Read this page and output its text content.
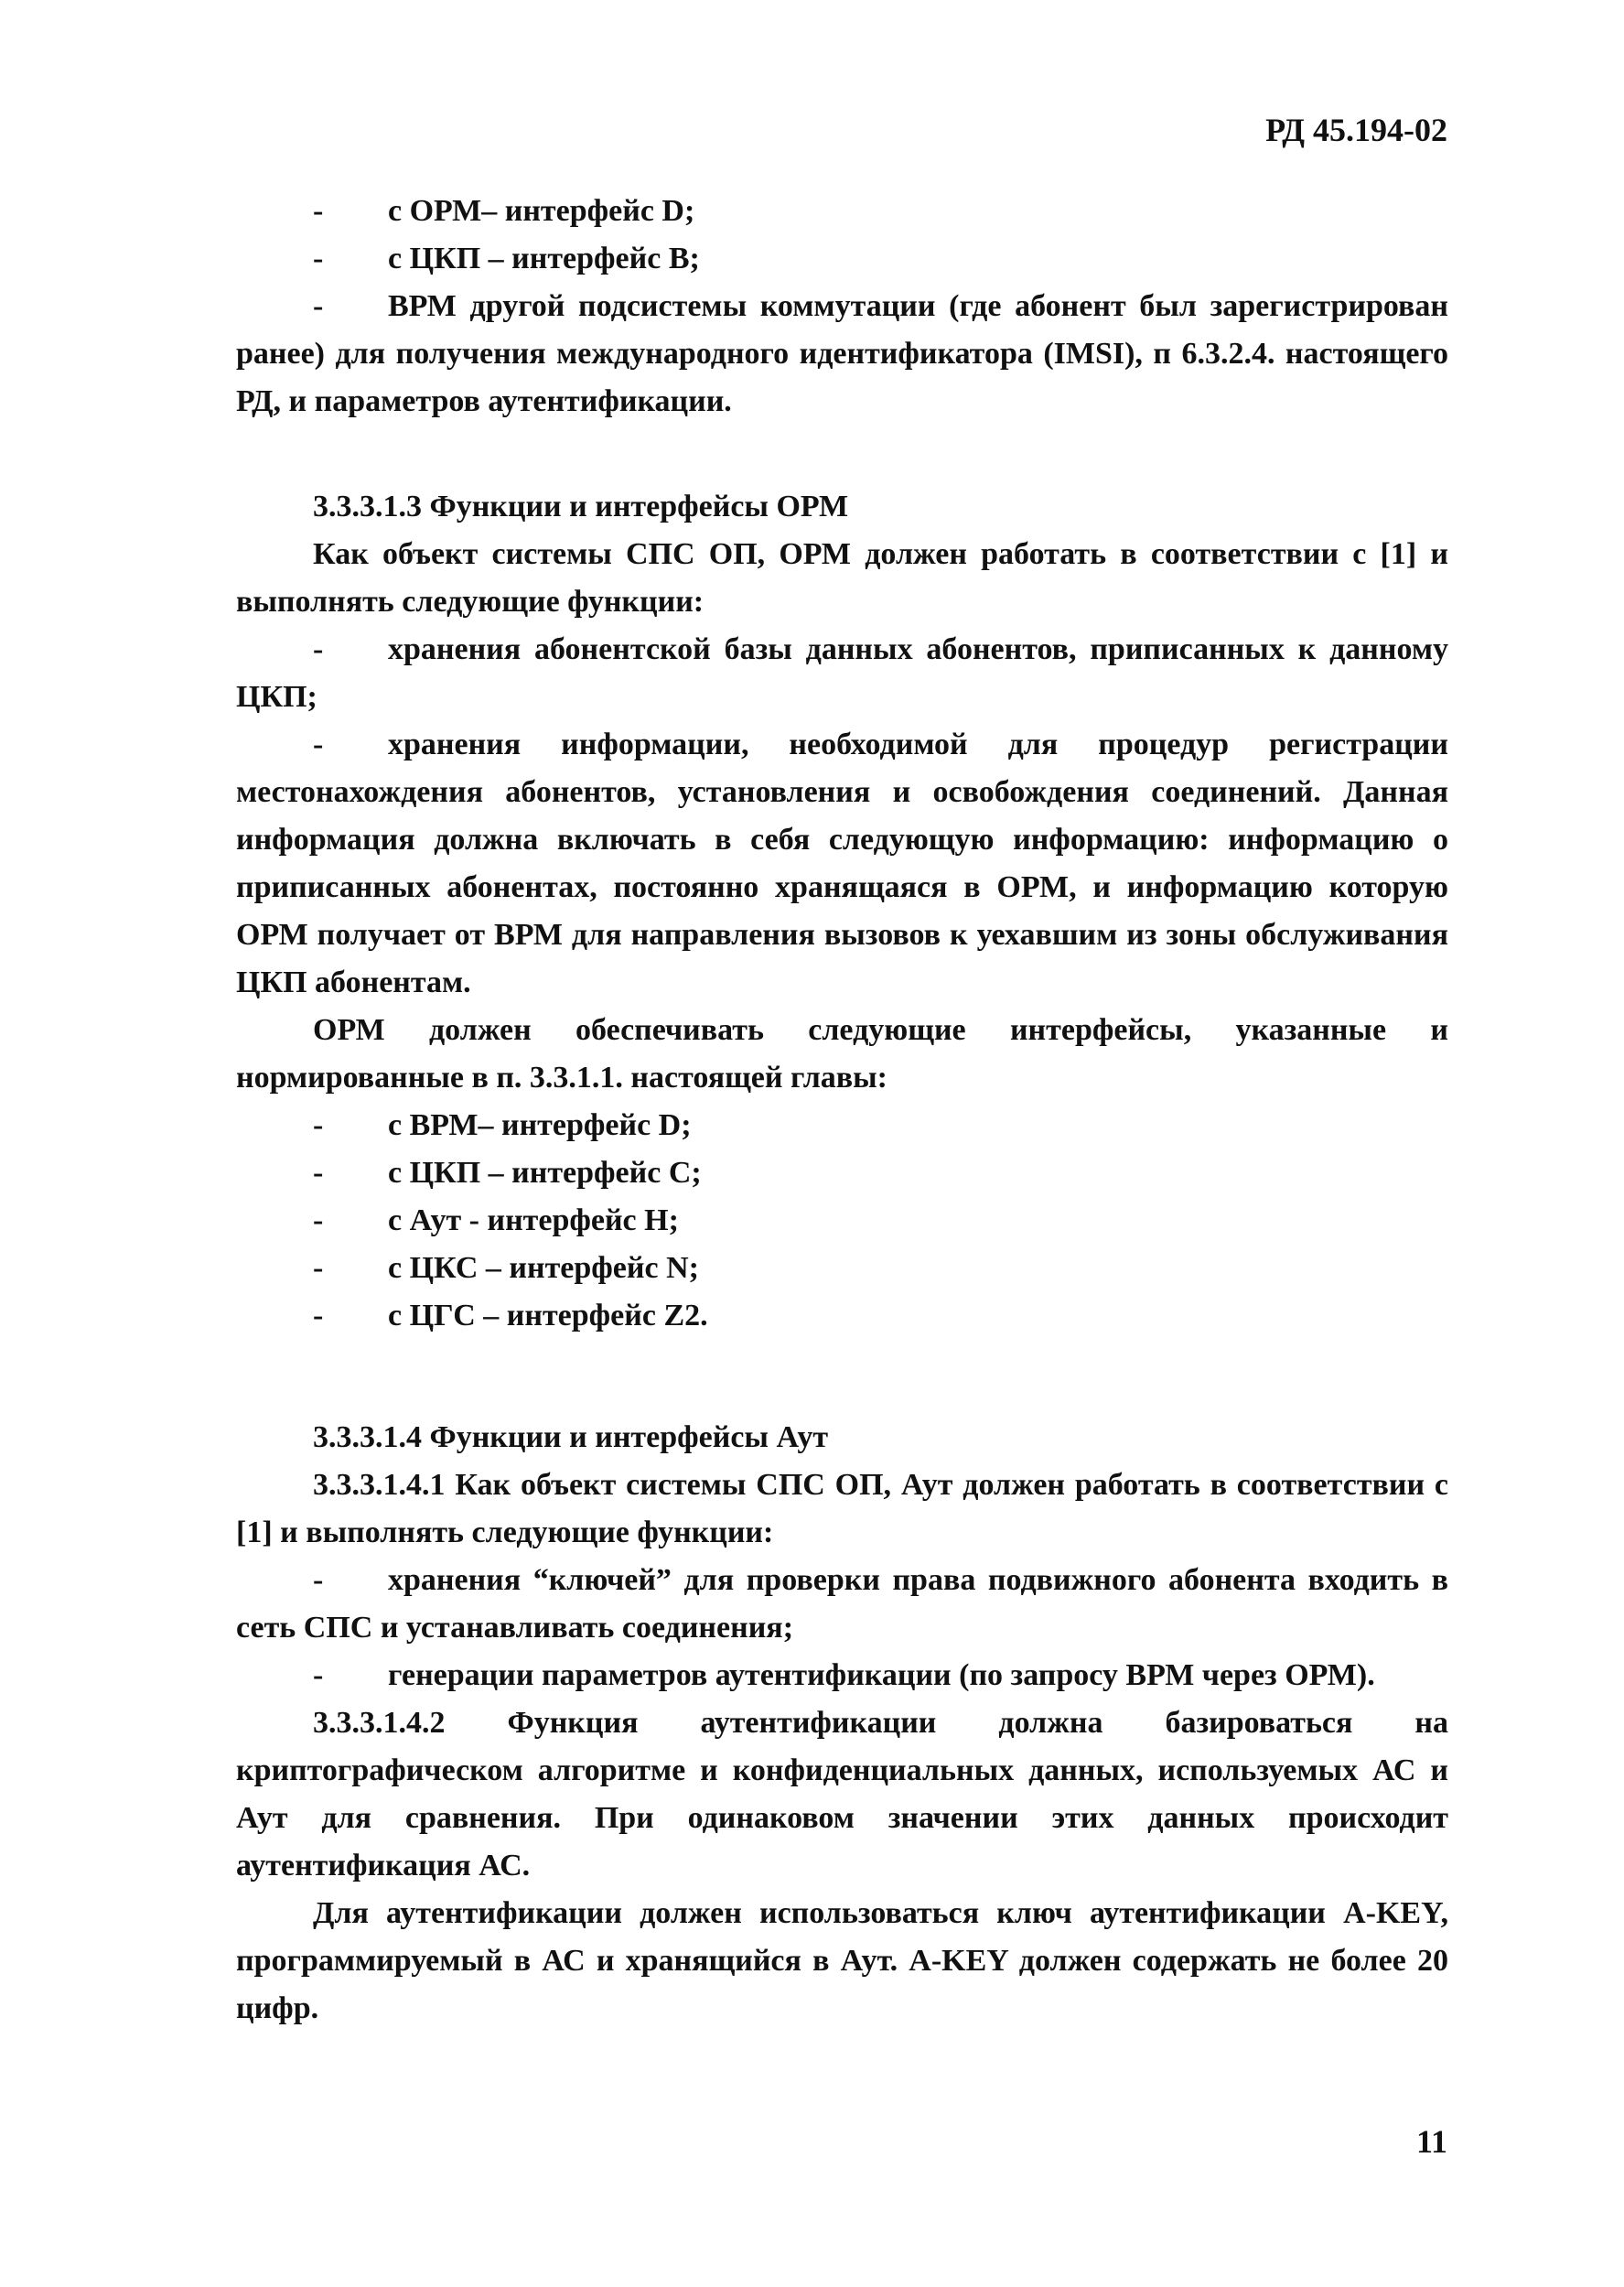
РД 45.194-02

- с ОРМ– интерфейс D;

- с ЦКП – интерфейс В;

- ВРМ другой подсистемы коммутации (где абонент был зарегистрирован ранее) для получения международного идентификатора (IMSI), п 6.3.2.4. настоящего РД, и параметров аутентификации.

3.3.3.1.3 Функции и интерфейсы ОРМ

Как объект системы СПС ОП, ОРМ должен работать в соответствии с [1] и выполнять следующие функции:

- хранения абонентской базы данных абонентов, приписанных к данному ЦКП;

- хранения информации, необходимой для процедур регистрации местонахождения абонентов, установления и освобождения соединений. Данная информация должна включать в себя следующую информацию: информацию о приписанных абонентах, постоянно хранящаяся в ОРМ, и информацию которую ОРМ получает от ВРМ для направления вызовов к уехавшим из зоны обслуживания ЦКП абонентам.

ОРМ должен обеспечивать следующие интерфейсы, указанные и нормированные в п. 3.3.1.1. настоящей главы:

- с ВРМ– интерфейс D;

- с ЦКП – интерфейс С;

- с Аут - интерфейс Н;

- с ЦКС – интерфейс N;

- с ЦГС – интерфейс Z2.

3.3.3.1.4 Функции и интерфейсы Аут

3.3.3.1.4.1 Как объект системы СПС ОП, Аут должен работать в соответствии с [1] и выполнять следующие функции:

- хранения “ключей” для проверки права подвижного абонента входить в сеть СПС и устанавливать соединения;

- генерации параметров аутентификации (по запросу ВРМ через ОРМ).

3.3.3.1.4.2 Функция аутентификации должна базироваться на криптографическом алгоритме и конфиденциальных данных, используемых АС и Аут для сравнения. При одинаковом значении этих данных происходит аутентификация АС.

Для аутентификации должен использоваться ключ аутентификации A-KEY, программируемый в АС и хранящийся в Аут. A-KEY должен содержать не более 20 цифр.

11
